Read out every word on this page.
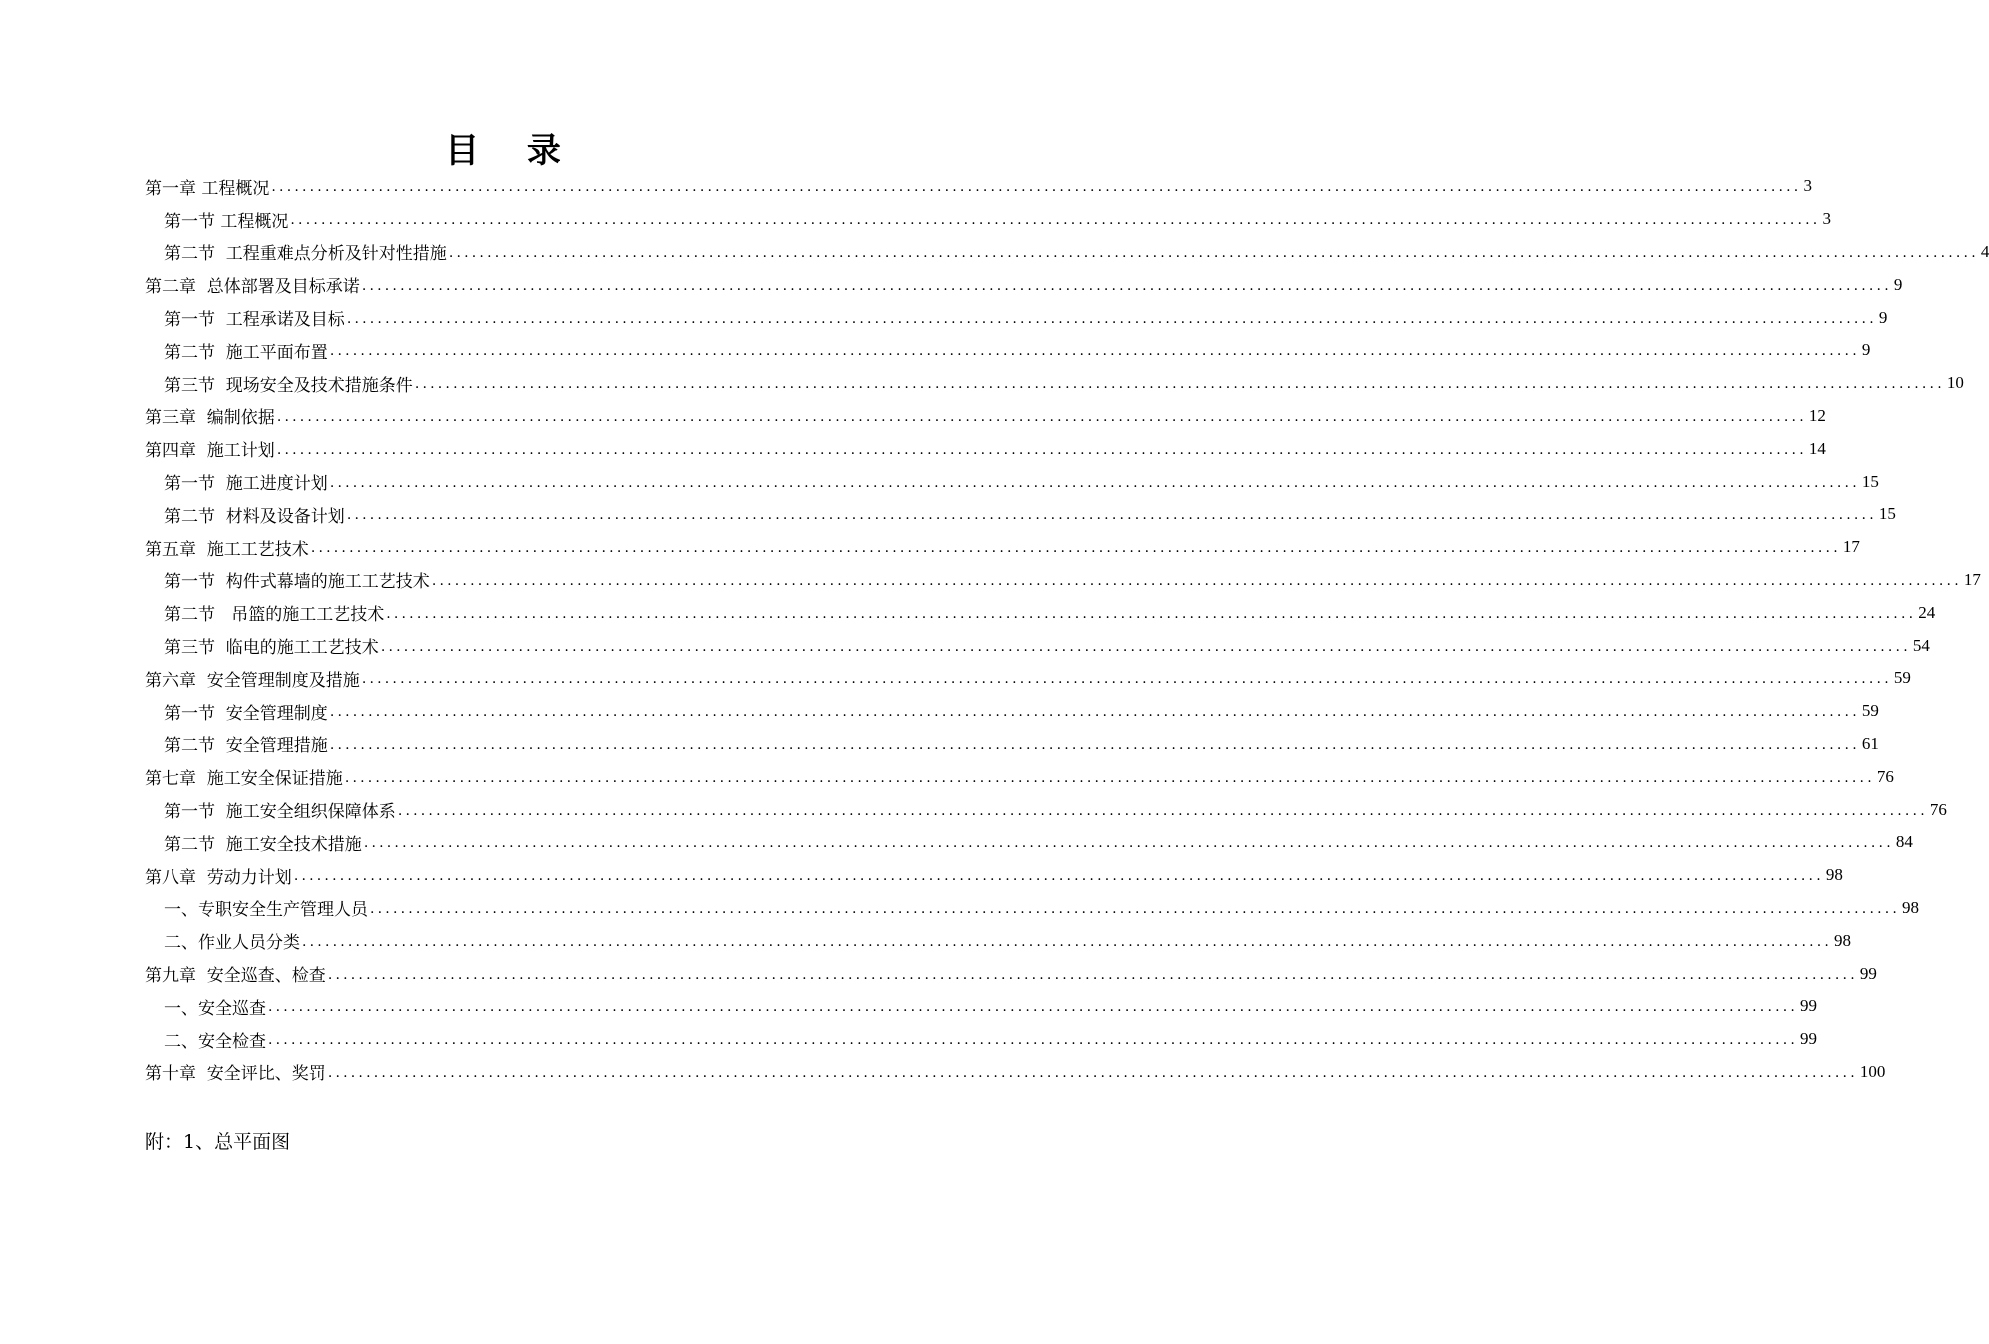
目 录
第一章 工程概况 ........................................................................................................................................................................................................ 3
第一节 工程概况 ........................................................................................................................................................................................................ 3
第二节  工程重难点分析及针对性措施 ........................................................................................................................................................................................................ 4
第二章  总体部署及目标承诺 ........................................................................................................................................................................................................ 9
第一节  工程承诺及目标 ........................................................................................................................................................................................................ 9
第二节  施工平面布置 ........................................................................................................................................................................................................ 9
第三节  现场安全及技术措施条件 ........................................................................................................................................................................................................ 10
第三章  编制依据 ........................................................................................................................................................................................................ 12
第四章  施工计划 ........................................................................................................................................................................................................ 14
第一节  施工进度计划 ........................................................................................................................................................................................................ 15
第二节  材料及设备计划 ........................................................................................................................................................................................................ 15
第五章  施工工艺技术 ........................................................................................................................................................................................................ 17
第一节  构件式幕墙的施工工艺技术 ........................................................................................................................................................................................................ 17
第二节   吊篮的施工工艺技术 ........................................................................................................................................................................................................ 24
第三节  临电的施工工艺技术 ........................................................................................................................................................................................................ 54
第六章  安全管理制度及措施 ........................................................................................................................................................................................................ 59
第一节  安全管理制度 ........................................................................................................................................................................................................ 59
第二节  安全管理措施 ........................................................................................................................................................................................................ 61
第七章  施工安全保证措施 ........................................................................................................................................................................................................ 76
第一节  施工安全组织保障体系 ........................................................................................................................................................................................................ 76
第二节  施工安全技术措施 ........................................................................................................................................................................................................ 84
第八章  劳动力计划 ........................................................................................................................................................................................................ 98
一、专职安全生产管理人员 ........................................................................................................................................................................................................ 98
二、作业人员分类 ........................................................................................................................................................................................................ 98
第九章  安全巡查、检查 ........................................................................................................................................................................................................ 99
一、安全巡查 ........................................................................................................................................................................................................ 99
二、安全检查 ........................................................................................................................................................................................................ 99
第十章  安全评比、奖罚 ........................................................................................................................................................................................................ 100
附：1、总平面图
